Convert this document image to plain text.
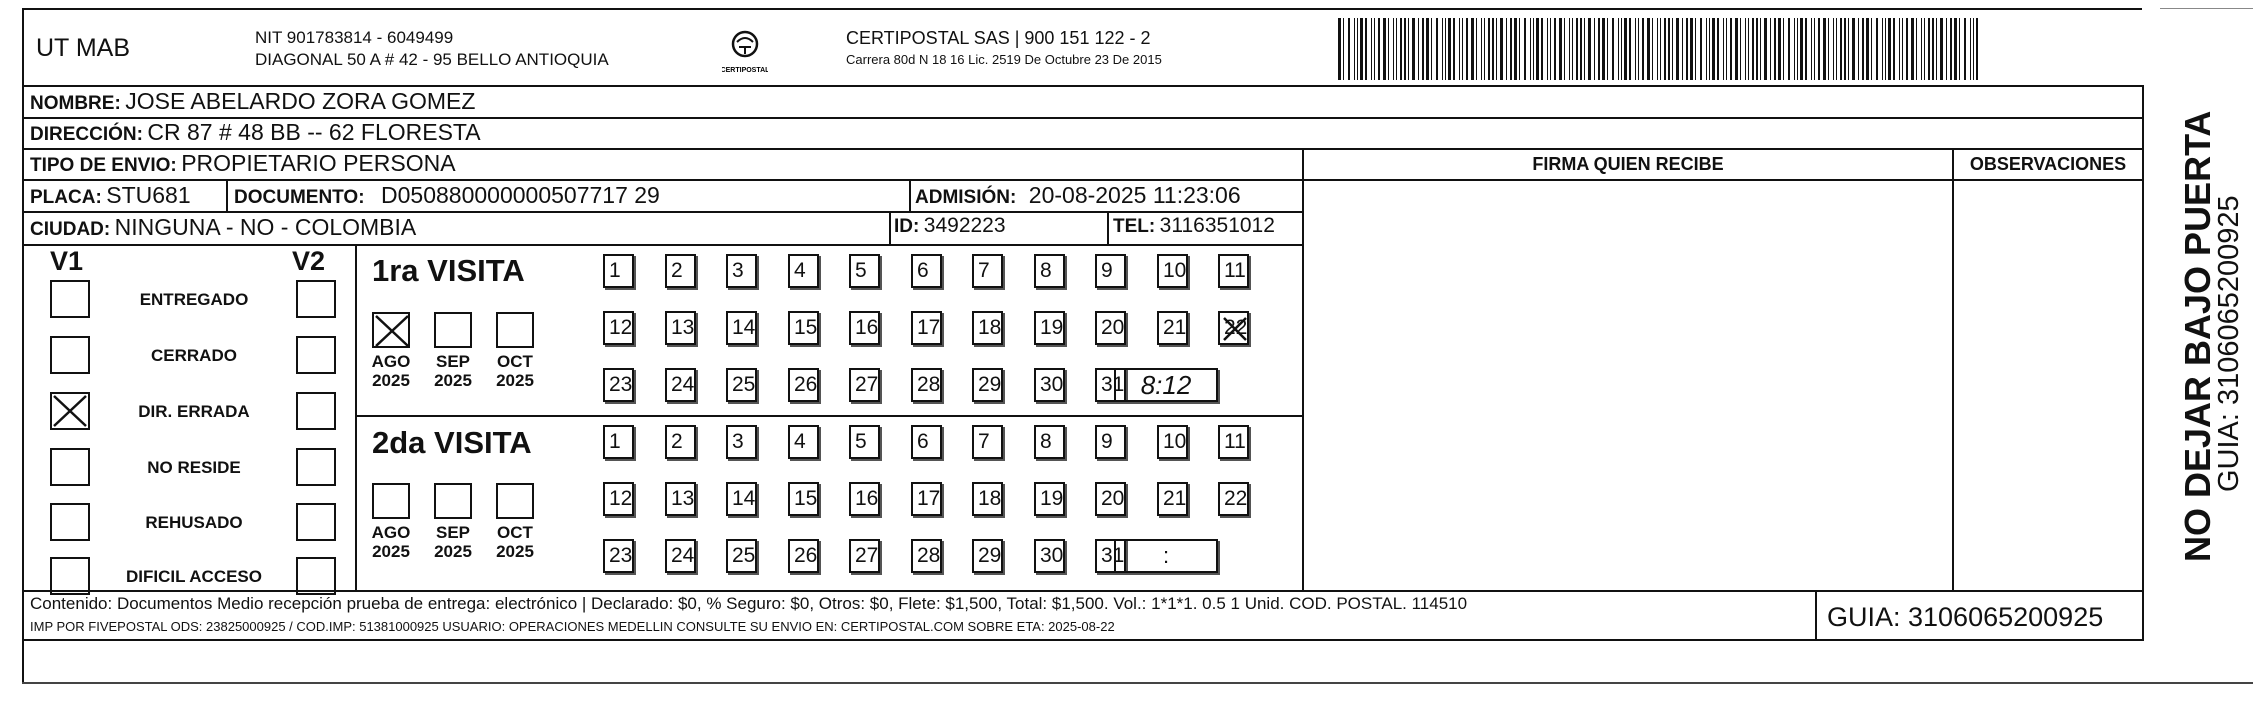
UT MAB	NIT 901783814 - 6049499
DIAGONAL 50 A # 42 - 95 BELLO ANTIOQUIA
CERTIPOSTAL
CERTIPOSTAL SAS | 900 151 122 - 2
Carrera 80d N 18 16 Lic. 2519 De Octubre 23 De 2015
NOMBRE: JOSE ABELARDO ZORA GOMEZ
DIRECCIÓN: CR 87 # 48 BB -- 62 FLORESTA
TIPO DE ENVIO: PROPIETARIO PERSONA	FIRMA QUIEN RECIBE	OBSERVACIONES
PLACA: STU681 DOCUMENTO: D050880000000507717 29	ADMISIÓN: 20-08-2025 11:23:06
CIUDAD: NINGUNA - NO - COLOMBIA	ID: 3492223	TEL: 3116351012
V1	V2 1ra VISITA
2da VISITA
Contenido: Documentos Medio recepción prueba de entrega: electrónico | Declarado: $0, % Seguro: $0, Otros: $0, Flete: $1,500, Total: $1,500. Vol.: 1*1*1. 0.5 1 Unid. COD. POSTAL. 114510
IMP POR FIVEPOSTAL ODS: 23825000925 / COD.IMP: 51381000925 USUARIO: OPERACIONES MEDELLIN CONSULTE SU ENVIO EN: CERTIPOSTAL.COM SOBRE ETA: 2025-08-22	GUIA: 3106065200925
NO DEJAR BAJO PUERTA
GUIA: 3106065200925
ENTREGADO
CERRADO
DIR. ERRADA
NO RESIDE
REHUSADO
DIFICIL ACCESO
AGO
2025
SEP
2025
OCT
2025
AGO
2025
SEP
2025
OCT
2025
1	2	3	4	5	6	7	8	9	10 11
12 13 14 15 16 17 18 19 20 21 22
23 24 25 26 27 28 29 30 31 8:12
1	2	3	4	5	6	7	8	9	10 11
12 13 14 15 16 17 18 19 20 21 22
23 24 25 26 27 28 29 30 31	:
